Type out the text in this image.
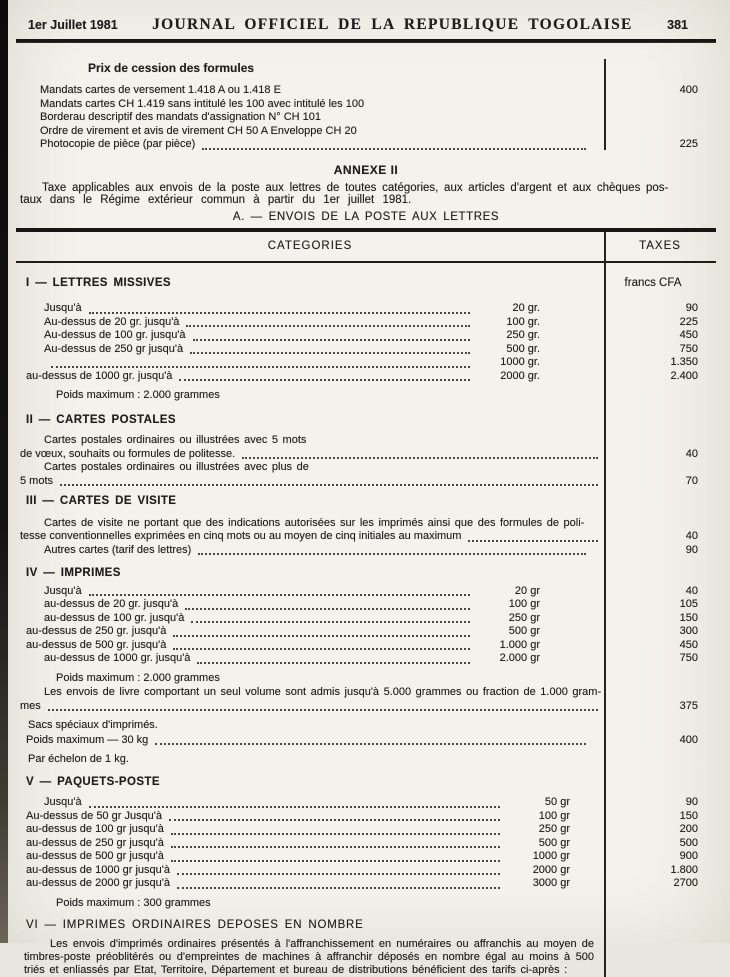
1er Juillet 1981	JOURNAL OFFICIEL DE LA REPUBLIQUE TOGOLAISE	381
Prix de cession des formules
Mandats cartes de versement 1.418 A ou 1.418 E	400
Mandats cartes CH 1.419 sans intitulé les 100 avec intitulé les 100
Borderau descriptif des mandats d'assignation N° CH 101
Ordre de virement et avis de virement CH 50 A Enveloppe CH 20
Photocopie de pièce (par pièce)	225
ANNEXE II
Taxe applicables aux envois de la poste aux lettres de toutes catégories, aux articles d'argent et aux chèques pos-
taux dans le Régime extérieur commun à partir du 1er juillet 1981.
A. — ENVOIS DE LA POSTE AUX LETTRES
CATEGORIES	TAXES
I — LETTRES MISSIVES	francs CFA
Jusqu'à	20 gr.	90
Au-dessus de 20 gr. jusqu'à	100 gr.	225
Au-dessus de 100 gr. jusqu'à	250 gr.	450
Au-dessus de 250 gr jusqu'à	500 gr.	750
1000 gr.	1.350
au-dessus de 1000 gr. jusqu'à	2000 gr.	2.400
Poids maximum : 2.000 grammes
II — CARTES POSTALES
Cartes postales ordinaires ou illustrées avec 5 mots
de vœux, souhaits ou formules de politesse.	40
Cartes postales ordinaires ou illustrées avec plus de
5 mots	70
III — CARTES DE VISITE
Cartes de visite ne portant que des indications autorisées sur les imprimés ainsi que des formules de poli-
tesse conventionnelles exprimées en cinq mots ou au moyen de cinq initiales au maximum	40
Autres cartes (tarif des lettres)	90
IV — IMPRIMES
Jusqu'à	20 gr	40
au-dessus de 20 gr. jusqu'à	100 gr	105
au-dessus de 100 gr. jusqu'à	250 gr	150
au-dessus de 250 gr. jusqu'à	500 gr	300
au-dessus de 500 gr. jusqu'à	1.000 gr	450
au-dessus de 1000 gr. jusqu'à	2.000 gr	750
Poids maximum : 2.000 grammes
Les envois de livre comportant un seul volume sont admis jusqu'à 5.000 grammes ou fraction de 1.000 gram-
mes	375
Sacs spéciaux d'imprimés.
Poids maximum — 30 kg	400
Par échelon de 1 kg.
V — PAQUETS-POSTE
Jusqu'à	50 gr	90
Au-dessus de 50 gr Jusqu'à	100 gr	150
au-dessus de 100 gr jusqu'à	250 gr	200
au-dessus de 250 gr jusqu'à	500 gr	500
au-dessus de 500 gr jusqu'à	1000 gr	900
au-dessus de 1000 gr jusqu'à	2000 gr	1.800
au-dessus de 2000 gr jusqu'à	3000 gr	2700
Poids maximum : 300 grammes
VI — IMPRIMES ORDINAIRES DEPOSES EN NOMBRE
Les envois d'imprimés ordinaires présentés à l'affranchissement en numéraires ou affranchis au moyen de timbres-poste préoblitérés ou d'empreintes de machines à affranchir déposés en nombre égal au moins à 500 triés et enliassés par Etat, Territoire, Département et bureau de distributions bénéficient des tarifs ci-après :
